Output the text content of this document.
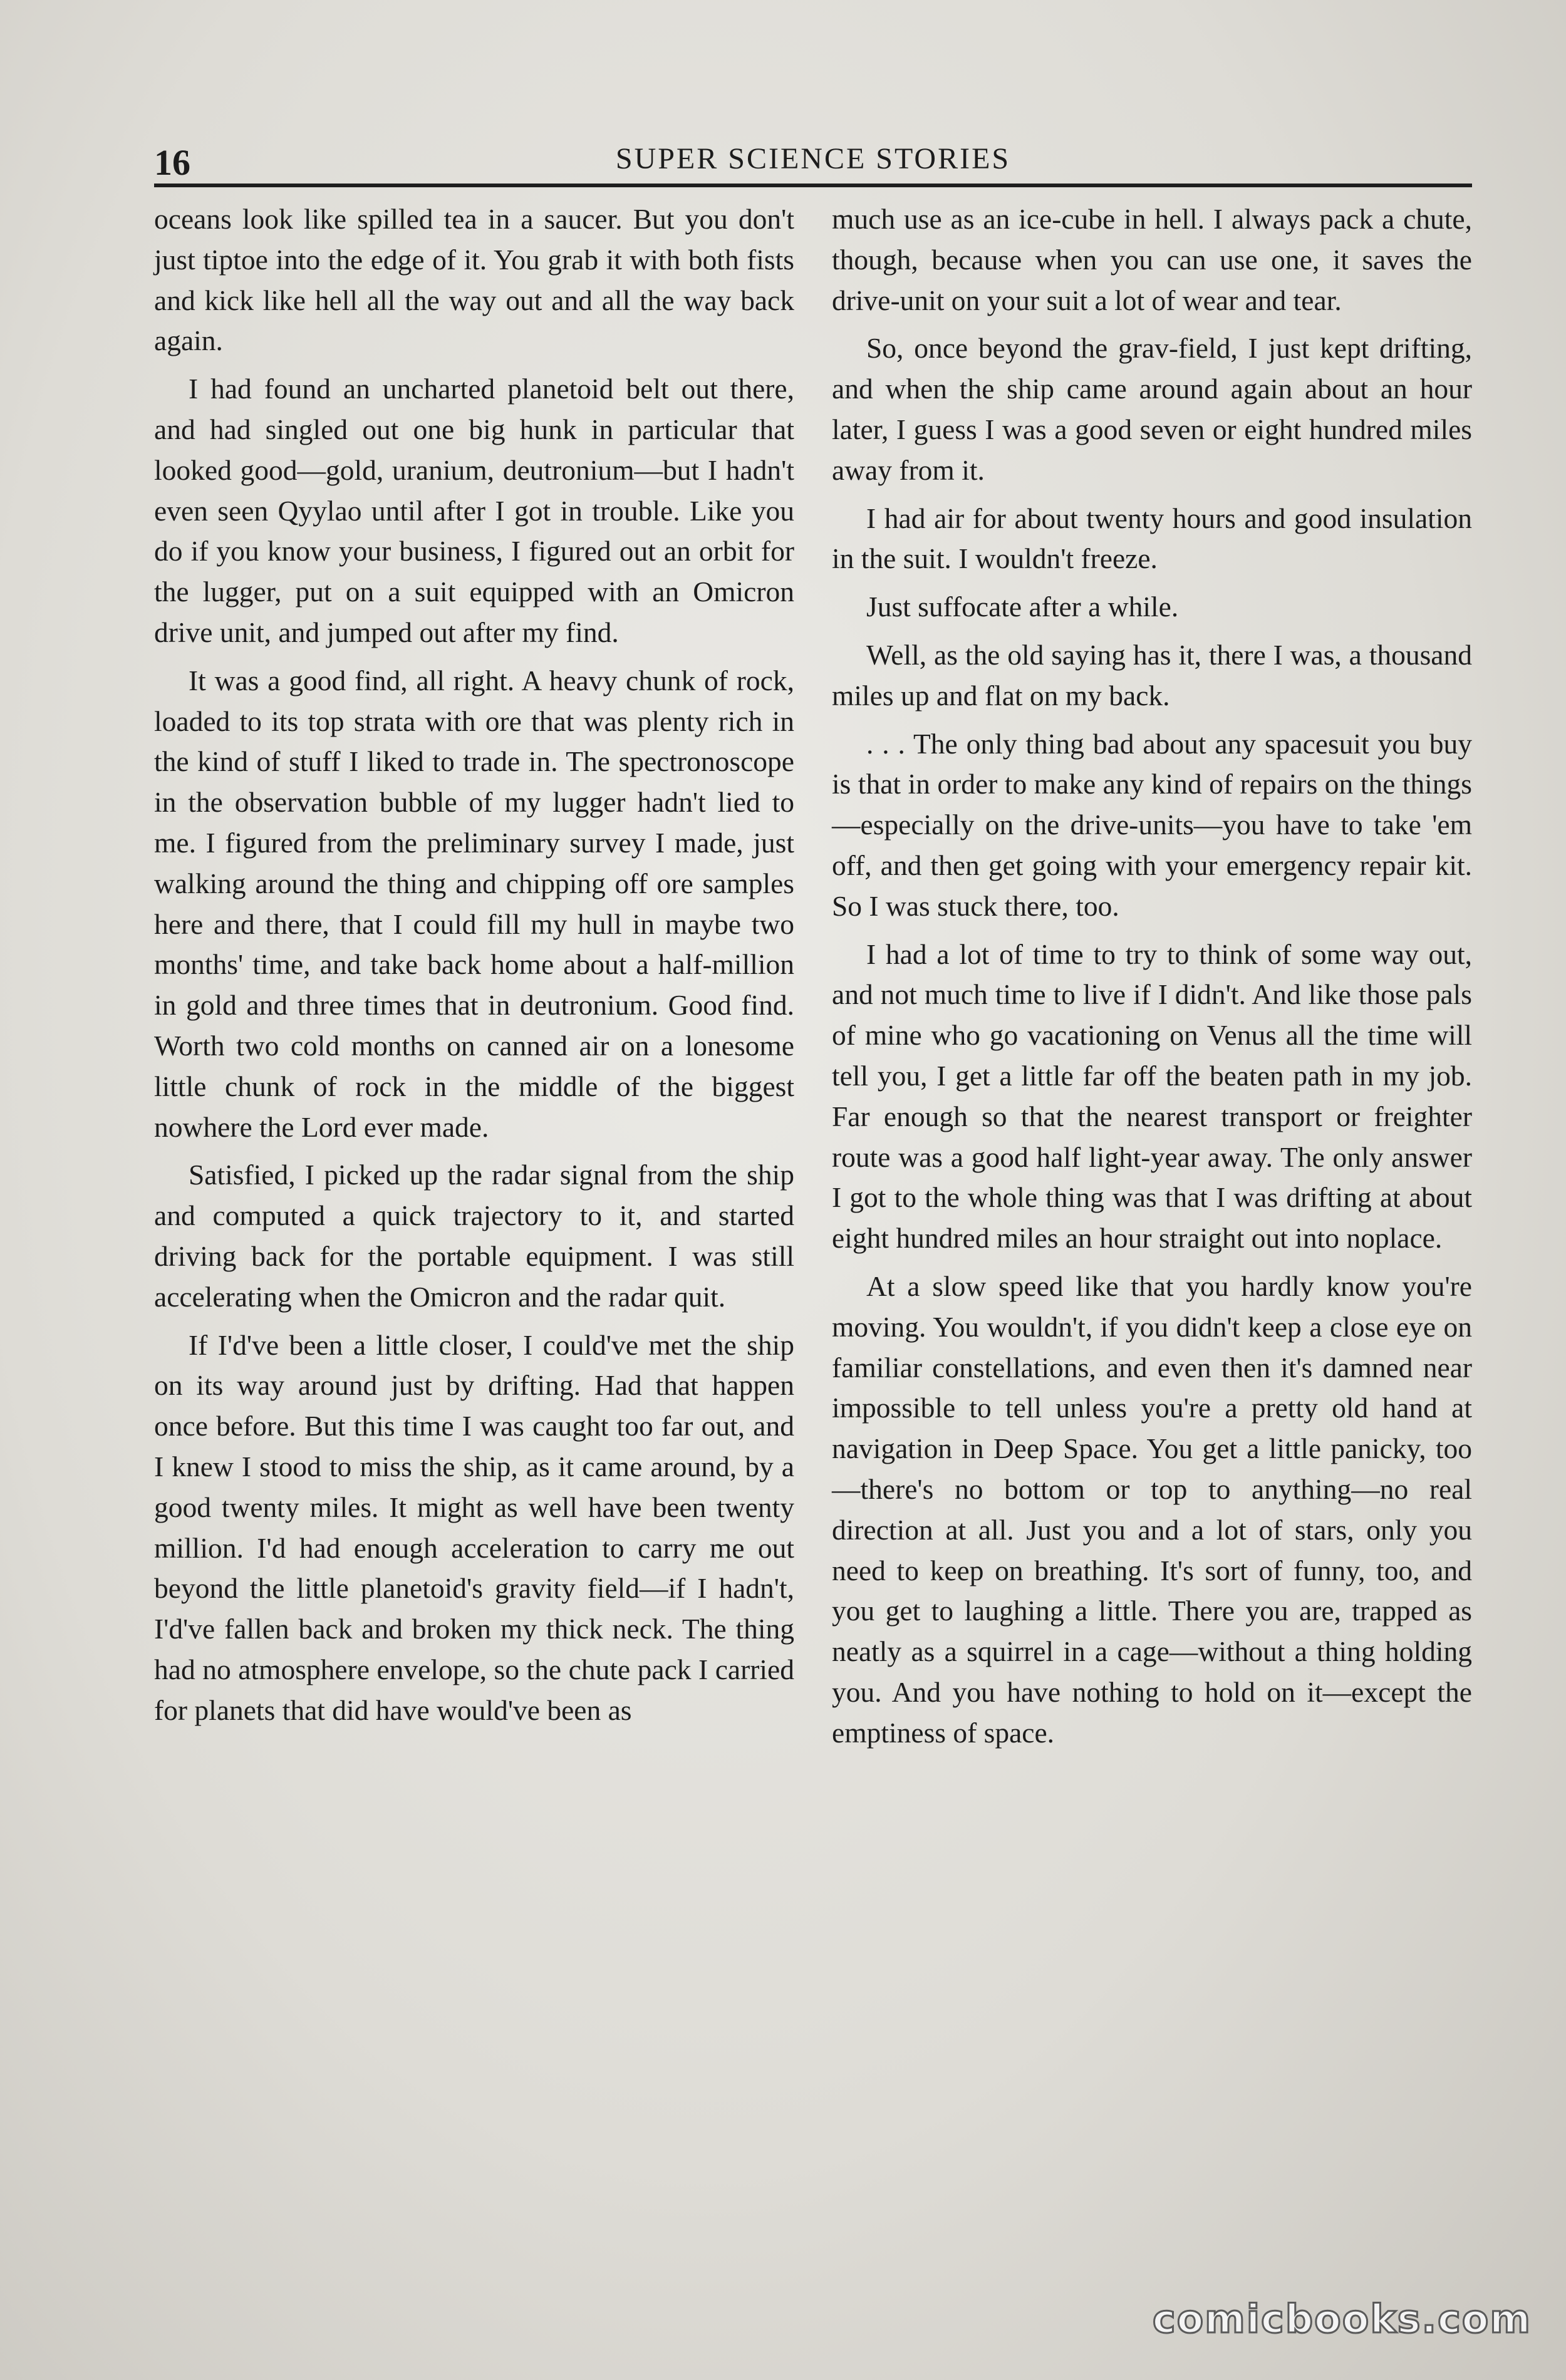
16	SUPER SCIENCE STORIES

oceans look like spilled tea in a saucer. But you don't just tiptoe into the edge of it. You grab it with both fists and kick like hell all the way out and all the way back again.

I had found an uncharted planetoid belt out there, and had singled out one big hunk in particular that looked good—gold, uranium, deutronium—but I hadn't even seen Qyylao until after I got in trouble. Like you do if you know your business, I figured out an orbit for the lugger, put on a suit equipped with an Omicron drive unit, and jumped out after my find.

It was a good find, all right. A heavy chunk of rock, loaded to its top strata with ore that was plenty rich in the kind of stuff I liked to trade in. The spectronoscope in the observation bubble of my lugger hadn't lied to me. I figured from the preliminary survey I made, just walking around the thing and chipping off ore samples here and there, that I could fill my hull in maybe two months' time, and take back home about a half-million in gold and three times that in deutronium. Good find. Worth two cold months on canned air on a lonesome little chunk of rock in the middle of the biggest nowhere the Lord ever made.

Satisfied, I picked up the radar signal from the ship and computed a quick trajectory to it, and started driving back for the portable equipment. I was still accelerating when the Omicron and the radar quit.

If I'd've been a little closer, I could've met the ship on its way around just by drifting. Had that happen once before. But this time I was caught too far out, and I knew I stood to miss the ship, as it came around, by a good twenty miles. It might as well have been twenty million. I'd had enough acceleration to carry me out beyond the little planetoid's gravity field—if I hadn't, I'd've fallen back and broken my thick neck. The thing had no atmosphere envelope, so the chute pack I carried for planets that did have would've been as

much use as an ice-cube in hell. I always pack a chute, though, because when you can use one, it saves the drive-unit on your suit a lot of wear and tear.

So, once beyond the grav-field, I just kept drifting, and when the ship came around again about an hour later, I guess I was a good seven or eight hundred miles away from it.

I had air for about twenty hours and good insulation in the suit. I wouldn't freeze.

Just suffocate after a while.

Well, as the old saying has it, there I was, a thousand miles up and flat on my back.

. . . The only thing bad about any spacesuit you buy is that in order to make any kind of repairs on the things—especially on the drive-units—you have to take 'em off, and then get going with your emergency repair kit. So I was stuck there, too.

I had a lot of time to try to think of some way out, and not much time to live if I didn't. And like those pals of mine who go vacationing on Venus all the time will tell you, I get a little far off the beaten path in my job. Far enough so that the nearest transport or freighter route was a good half light-year away. The only answer I got to the whole thing was that I was drifting at about eight hundred miles an hour straight out into noplace.

At a slow speed like that you hardly know you're moving. You wouldn't, if you didn't keep a close eye on familiar constellations, and even then it's damned near impossible to tell unless you're a pretty old hand at navigation in Deep Space. You get a little panicky, too—there's no bottom or top to anything—no real direction at all. Just you and a lot of stars, only you need to keep on breathing. It's sort of funny, too, and you get to laughing a little. There you are, trapped as neatly as a squirrel in a cage—without a thing holding you. And you have nothing to hold on it—except the emptiness of space.

comicbooks.com
